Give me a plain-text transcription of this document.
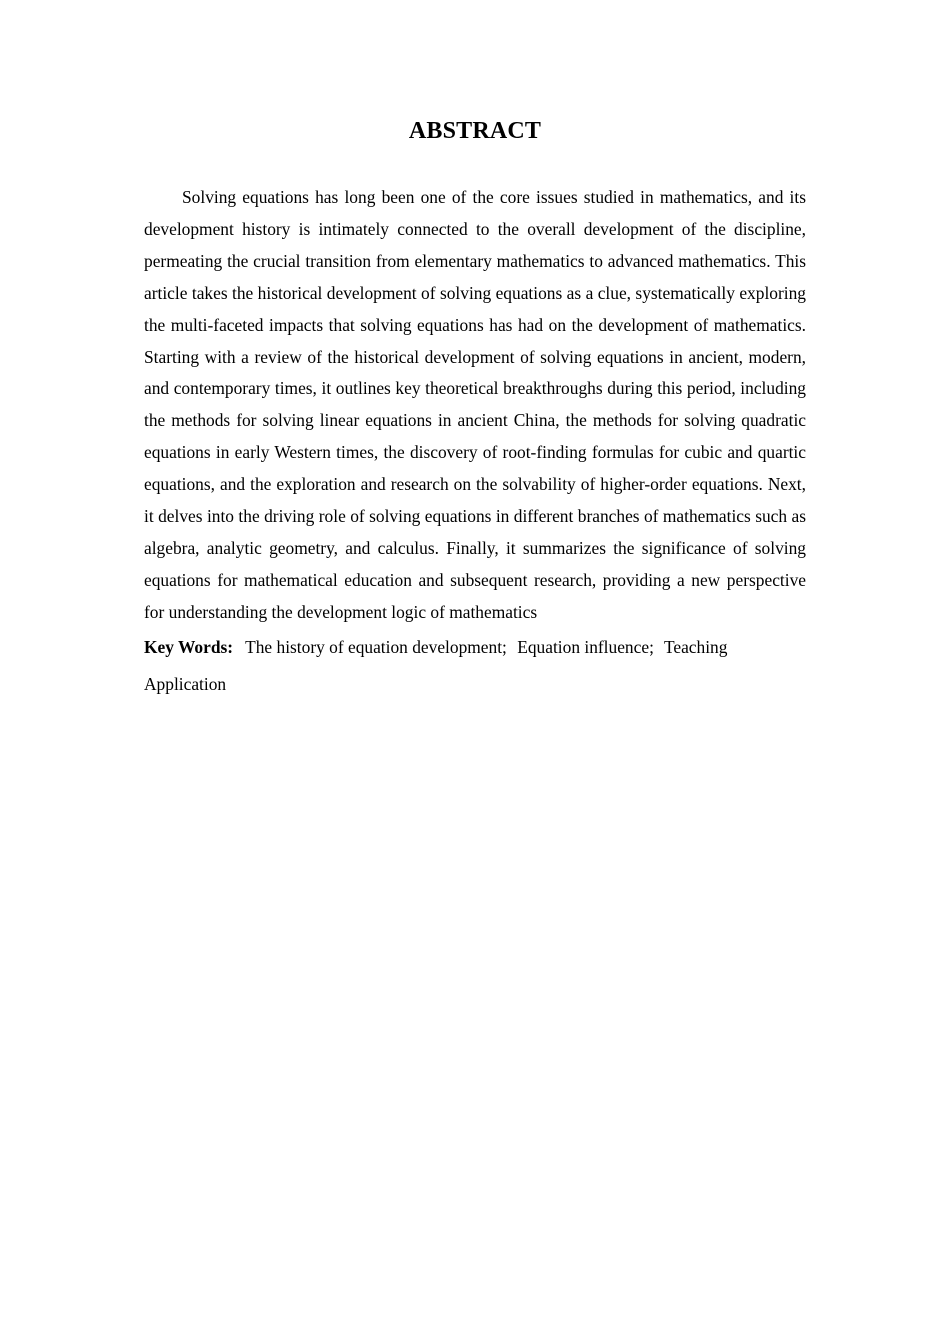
ABSTRACT

Solving equations has long been one of the core issues studied in mathematics, and its development history is intimately connected to the overall development of the discipline, permeating the crucial transition from elementary mathematics to advanced mathematics. This article takes the historical development of solving equations as a clue, systematically exploring the multi-faceted impacts that solving equations has had on the development of mathematics. Starting with a review of the historical development of solving equations in ancient, modern, and contemporary times, it outlines key theoretical breakthroughs during this period, including the methods for solving linear equations in ancient China, the methods for solving quadratic equations in early Western times, the discovery of root-finding formulas for cubic and quartic equations, and the exploration and research on the solvability of higher-order equations. Next, it delves into the driving role of solving equations in different branches of mathematics such as algebra, analytic geometry, and calculus. Finally, it summarizes the significance of solving equations for mathematical education and subsequent research, providing a new perspective for understanding the development logic of mathematics

Key Words: The history of equation development; Equation influence; Teaching Application
